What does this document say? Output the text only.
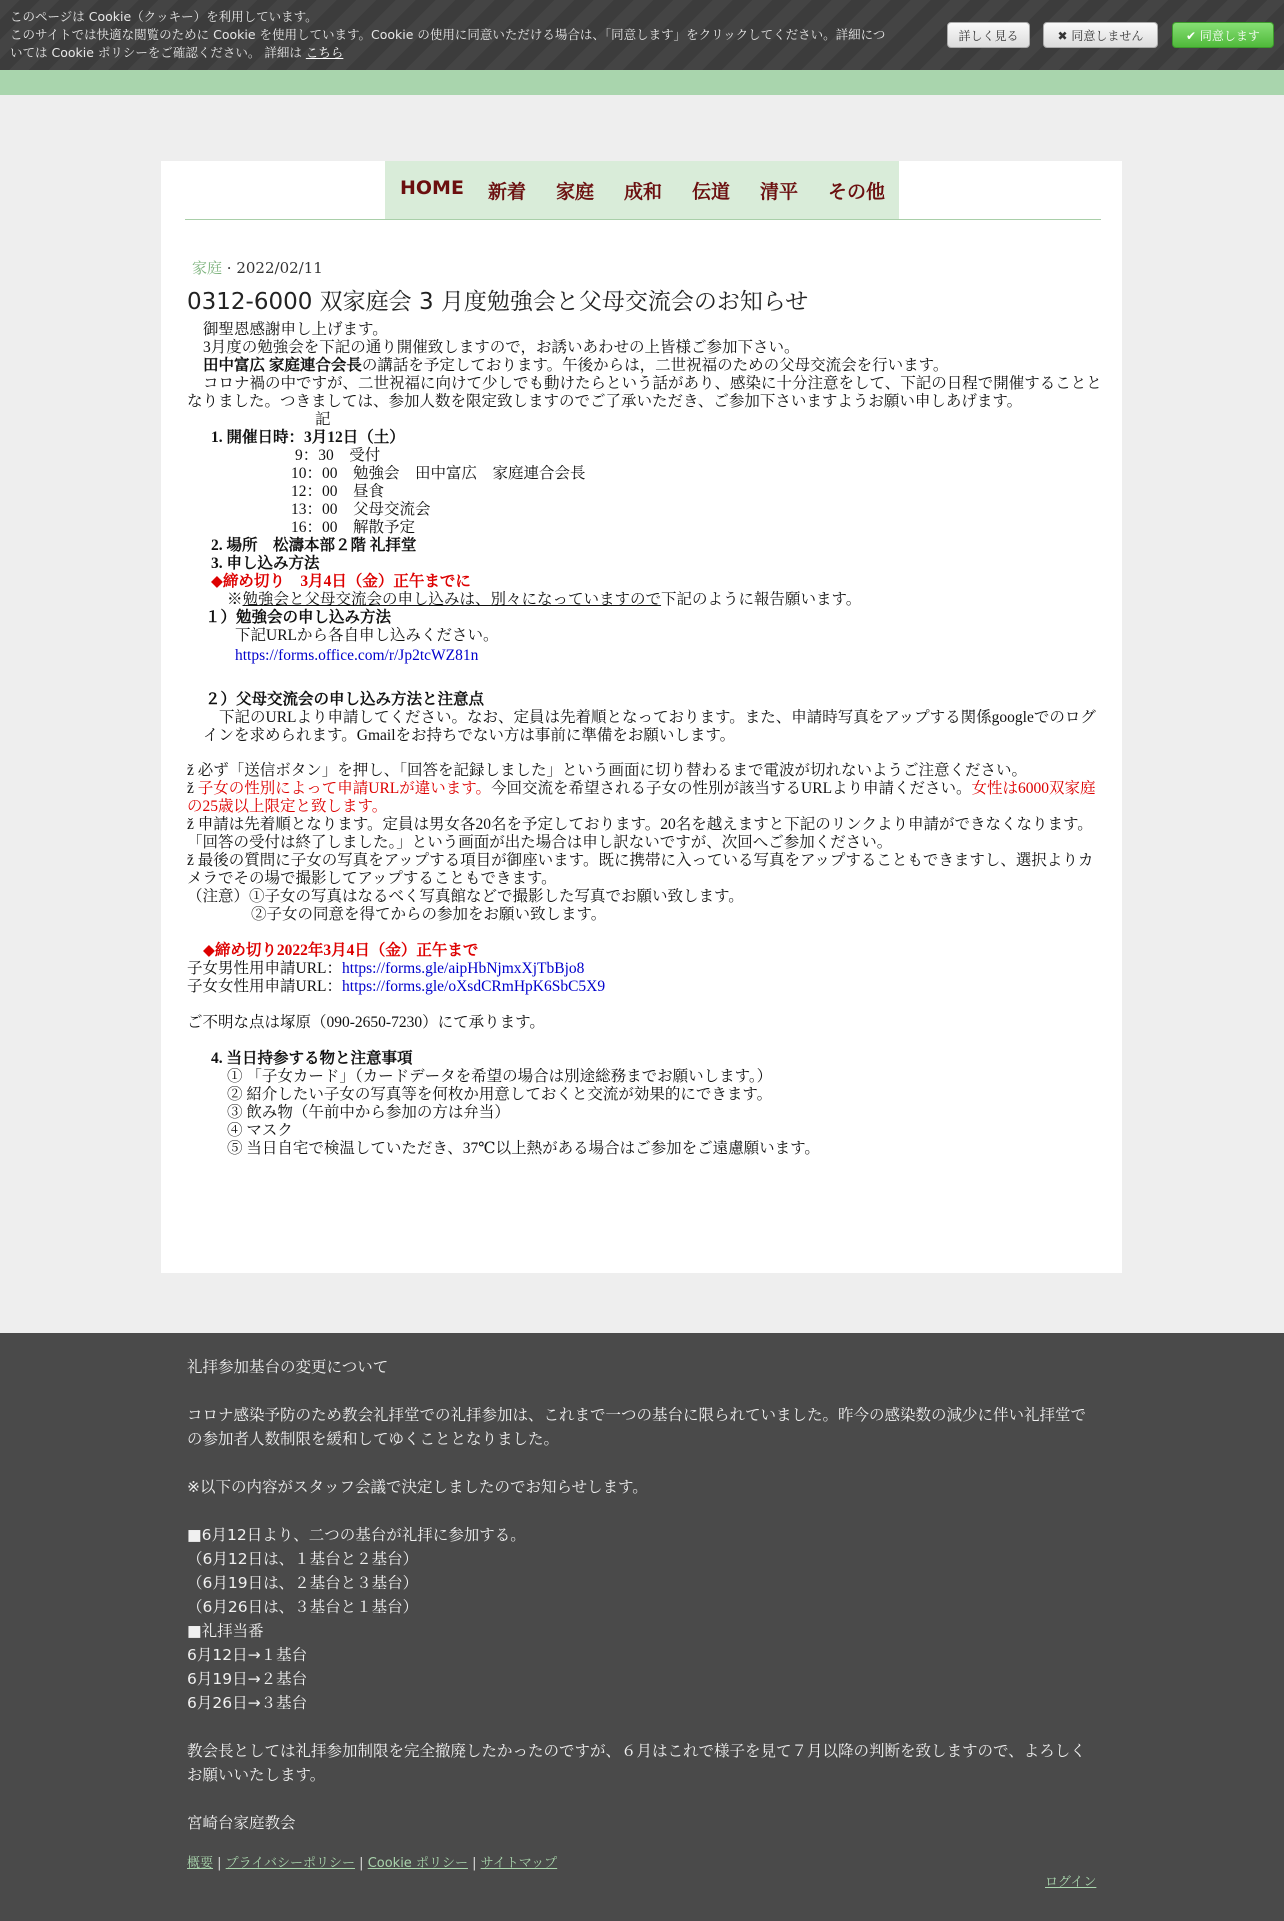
このページは Cookie（クッキー）を利用しています。
このサイトでは快適な閲覧のために Cookie を使用しています。Cookie の使用に同意いただける場合は、「同意します」をクリックしてください。詳細につ
いては Cookie ポリシーをご確認ください。 詳細は こちら
詳しく見る	✖ 同意しません	✔ 同意します
HOME 新着 家庭 成和 伝道 清平 その他
家庭 · 2022/02/11
0312-6000 双家庭会 3 月度勉強会と父母交流会のお知らせ

御聖恩感謝申し上げます。

3月度の勉強会を下記の通り開催致しますので，お誘いあわせの上皆様ご参加下さい。

田中富広 家庭連合会長の講話を予定しております。午後からは，二世祝福のための父母交流会を行います。

コロナ禍の中ですが、二世祝福に向けて少しでも動けたらという話があり、感染に十分注意をして、下記の日程で開催することとなりました。つきましては、参加人数を限定致しますのでご了承いただき、ご参加下さいますようお願い申しあげます。

記

1. 開催日時：3月12日（土）

9：30　受付

10：00　勉強会　田中富広　家庭連合会長

12：00　昼食

13：00　父母交流会

16：00　解散予定

2. 場所　松濤本部２階 礼拝堂

3. 申し込み方法

◆締め切り　3月4日（金）正午までに

※勉強会と父母交流会の申し込みは、別々になっていますので下記のように報告願います。

１）勉強会の申し込み方法

下記URLから各自申し込みください。

https://forms.office.com/r/Jp2tcWZ81n

２）父母交流会の申し込み方法と注意点

下記のURLより申請してください。なお、定員は先着順となっております。また、申請時写真をアップする関係googleでのログインを求められます。Gmailをお持ちでない方は事前に準備をお願いします。

ž 必ず「送信ボタン」を押し、「回答を記録しました」という画面に切り替わるまで電波が切れないようご注意ください。

ž 子女の性別によって申請URLが違います。今回交流を希望される子女の性別が該当するURLより申請ください。女性は6000双家庭の25歳以上限定と致します。

ž 申請は先着順となります。定員は男女各20名を予定しております。20名を越えますと下記のリンクより申請ができなくなります。「回答の受付は終了しました。」という画面が出た場合は申し訳ないですが、次回へご参加ください。

ž 最後の質問に子女の写真をアップする項目が御座います。既に携帯に入っている写真をアップすることもできますし、選択よりカメラでその場で撮影してアップすることもできます。

（注意）①子女の写真はなるべく写真館などで撮影した写真でお願い致します。

②子女の同意を得てからの参加をお願い致します。

◆締め切り2022年3月4日（金）正午まで

子女男性用申請URL：https://forms.gle/aipHbNjmxXjTbBjo8

子女女性用申請URL：https://forms.gle/oXsdCRmHpK6SbC5X9

ご不明な点は塚原（090-2650-7230）にて承ります。

4. 当日持参する物と注意事項

① 「子女カード」（カードデータを希望の場合は別途総務までお願いします。）

② 紹介したい子女の写真等を何枚か用意しておくと交流が効果的にできます。

③ 飲み物（午前中から参加の方は弁当）

④ マスク

⑤ 当日自宅で検温していただき、37℃以上熱がある場合はご参加をご遠慮願います。

礼拝参加基台の変更について

コロナ感染予防のため教会礼拝堂での礼拝参加は、これまで一つの基台に限られていました。昨今の感染数の減少に伴い礼拝堂での参加者人数制限を緩和してゆくこととなりました。

※以下の内容がスタッフ会議で決定しましたのでお知らせします。

■6月12日より、二つの基台が礼拝に参加する。

（6月12日は、１基台と２基台）

（6月19日は、２基台と３基台）

（6月26日は、３基台と１基台）

■礼拝当番

6月12日→１基台

6月19日→２基台

6月26日→３基台

教会長としては礼拝参加制限を完全撤廃したかったのですが、６月はこれで様子を見て７月以降の判断を致しますので、よろしくお願いいたします。

宮崎台家庭教会

概要 | プライバシーポリシー | Cookie ポリシー | サイトマップ
ログイン
